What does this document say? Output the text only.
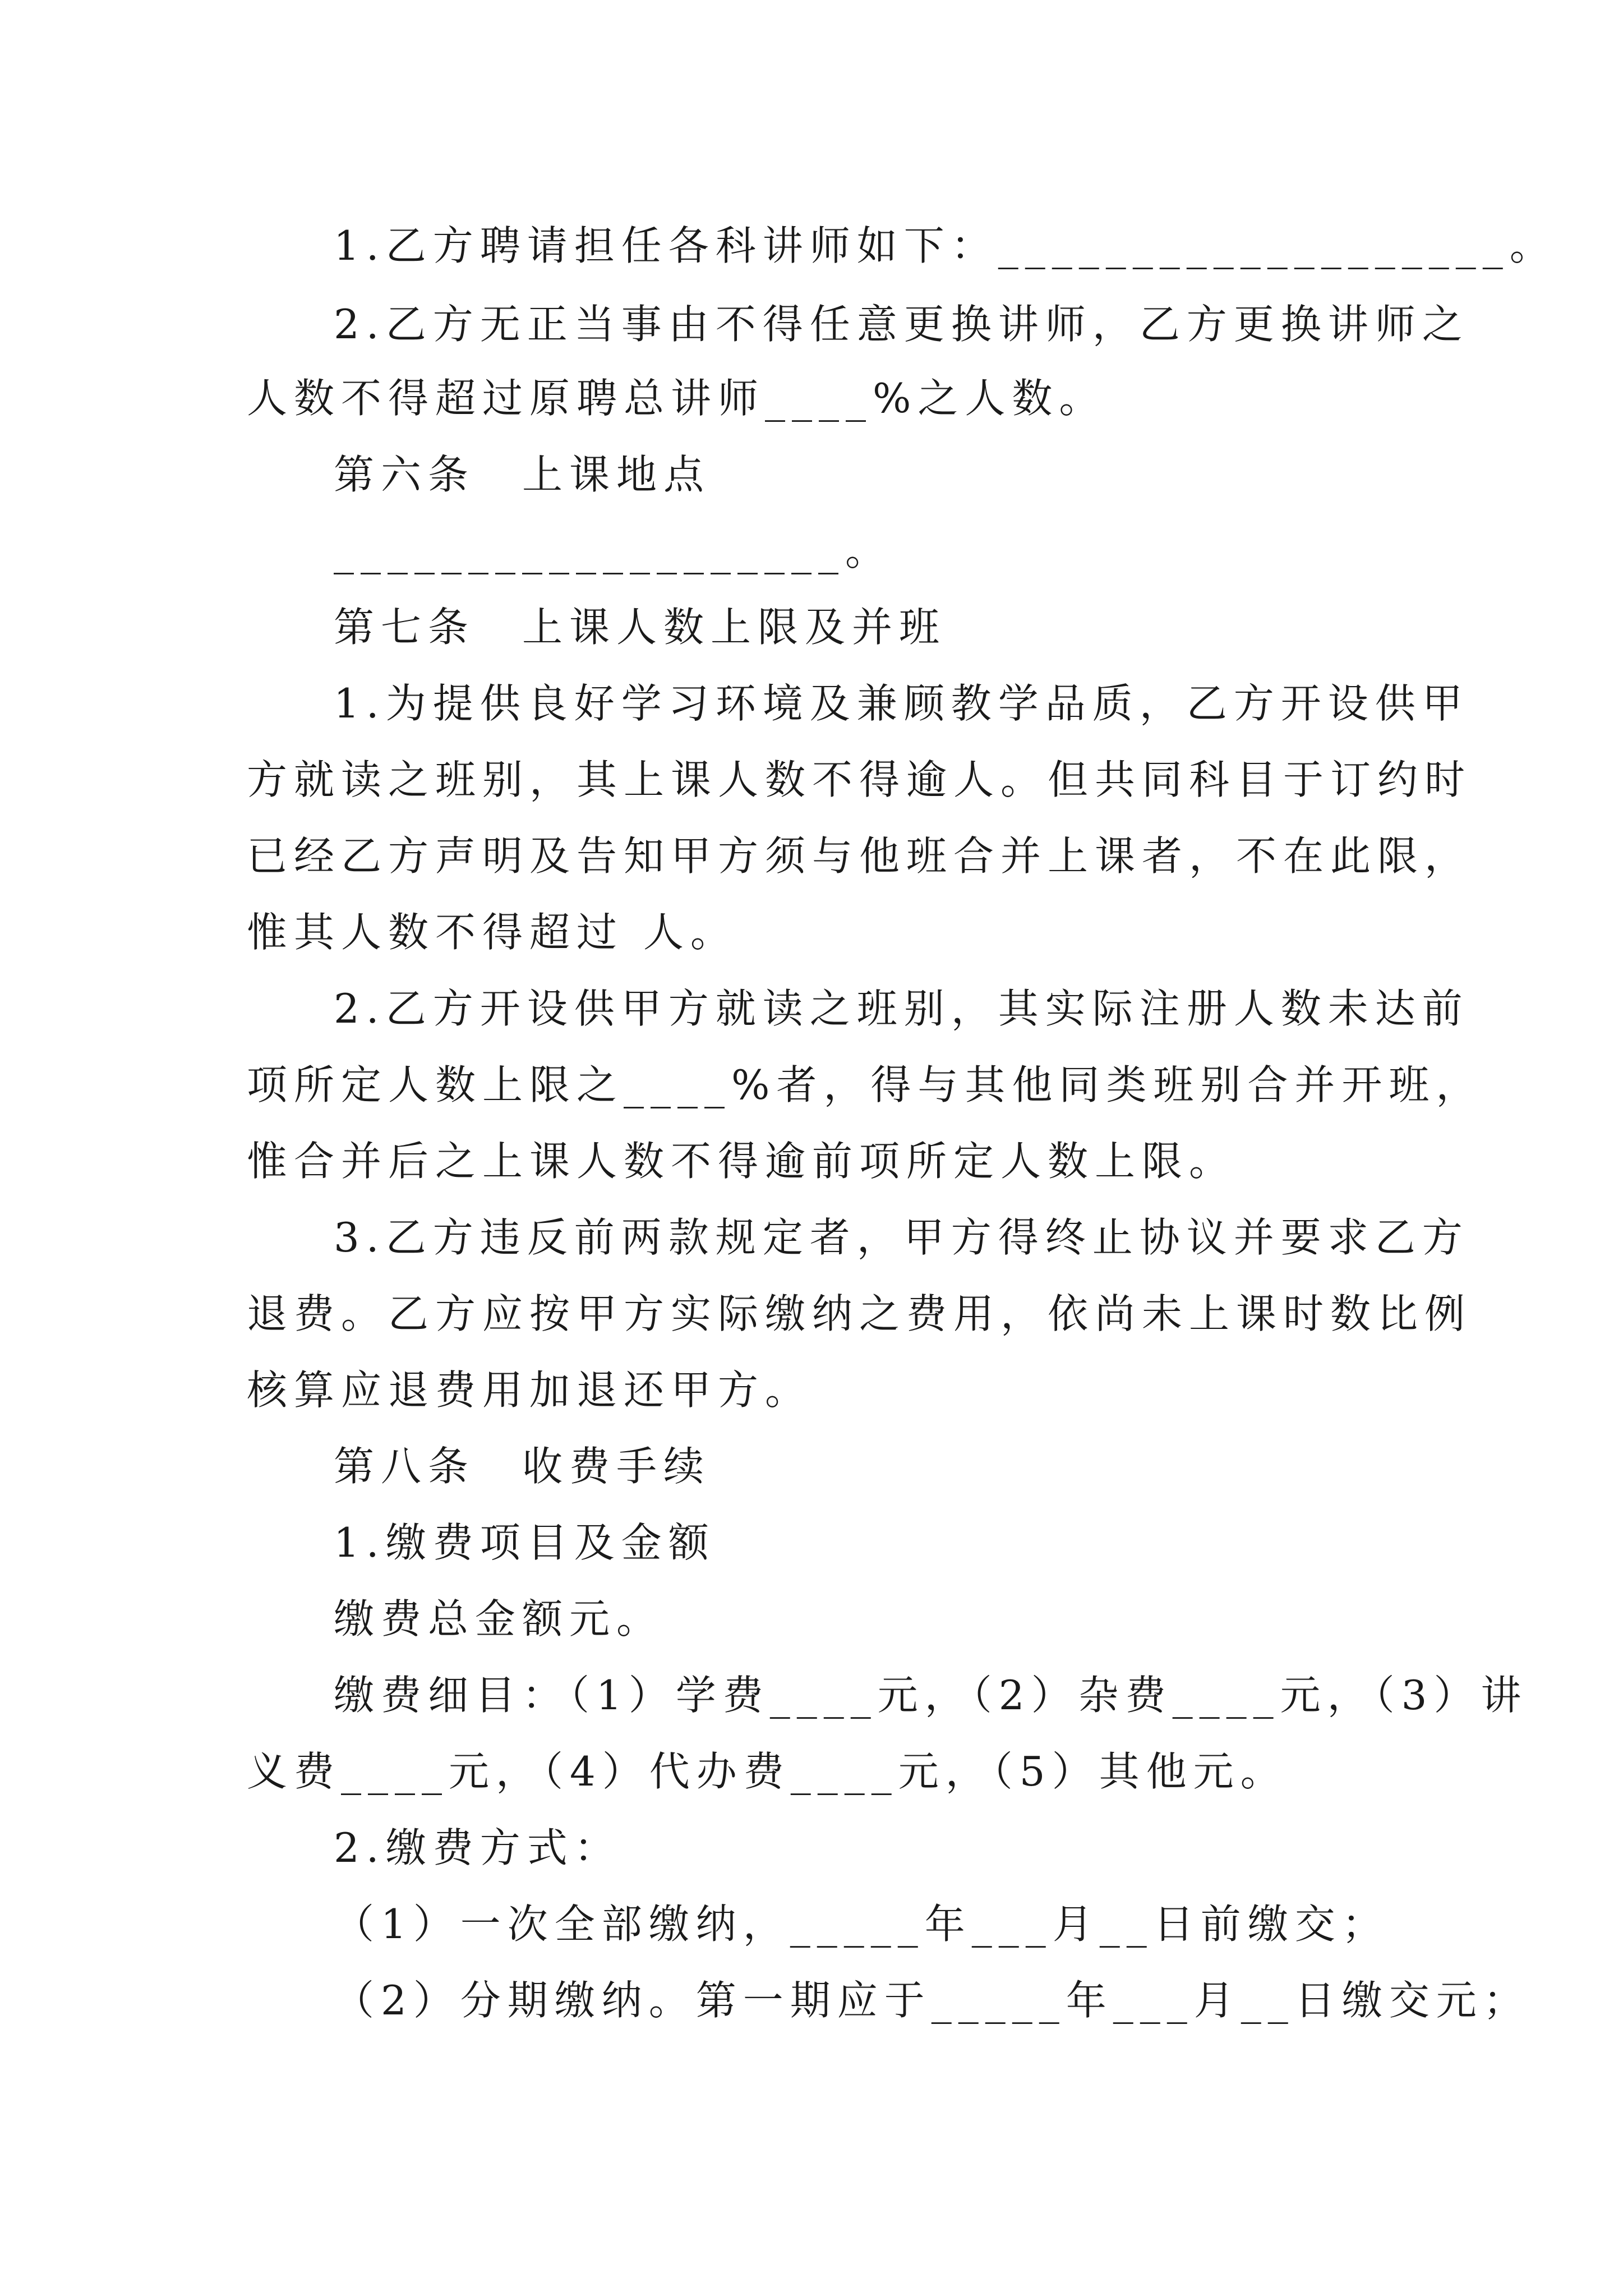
1.乙方聘请担任各科讲师如下：___________________。

2.乙方无正当事由不得任意更换讲师，乙方更换讲师之

人数不得超过原聘总讲师____%之人数。

第六条　上课地点

___________________。

第七条　上课人数上限及并班

1.为提供良好学习环境及兼顾教学品质，乙方开设供甲

方就读之班别，其上课人数不得逾人。但共同科目于订约时

已经乙方声明及告知甲方须与他班合并上课者，不在此限，

惟其人数不得超过 人。

2.乙方开设供甲方就读之班别，其实际注册人数未达前

项所定人数上限之____%者，得与其他同类班别合并开班，

惟合并后之上课人数不得逾前项所定人数上限。

3.乙方违反前两款规定者，甲方得终止协议并要求乙方

退费。乙方应按甲方实际缴纳之费用，依尚未上课时数比例

核算应退费用加退还甲方。

第八条　收费手续

1.缴费项目及金额

缴费总金额元。

缴费细目：（1）学费____元，（2）杂费____元，（3）讲

义费____元，（4）代办费____元，（5）其他元。

2.缴费方式：

（1）一次全部缴纳，_____年___月__日前缴交；

（2）分期缴纳。第一期应于_____年___月__日缴交元；
